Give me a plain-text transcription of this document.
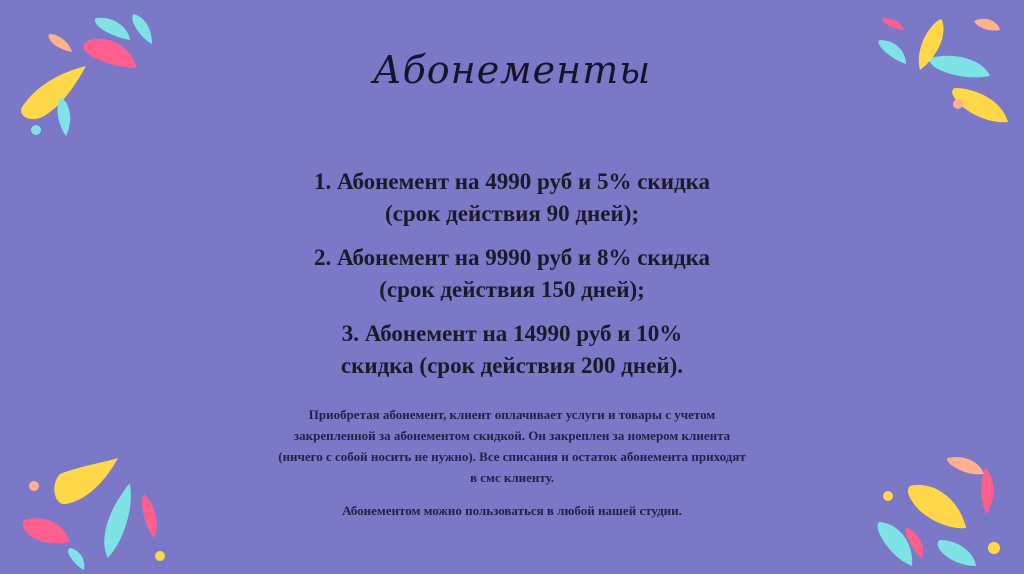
Абонементы
1. Абонемент на 4990 руб и 5% скидка
(срок действия 90 дней);
2. Абонемент на 9990 руб и 8% скидка
(срок действия 150 дней);
3. Абонемент на 14990 руб и 10%
скидка (срок действия 200 дней).

Приобретая абонемент, клиент оплачивает услуги и товары с учетом
закрепленной за абонементом скидкой. Он закреплен за номером клиента
(ничего с собой носить не нужно). Все списания и остаток абонемента приходят
в смс клиенту.

Абонементом можно пользоваться в любой нашей студии.
